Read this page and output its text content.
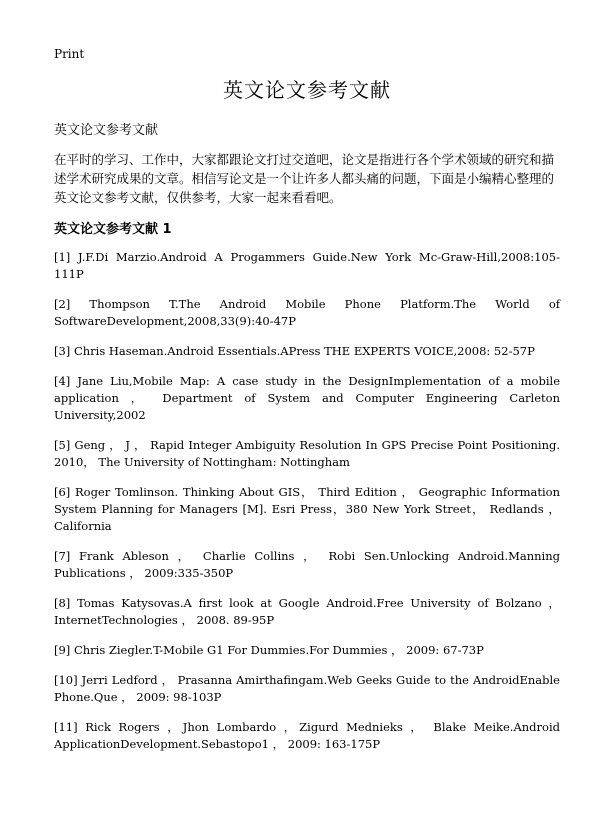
Print
英文论文参考文献
英文论文参考文献

在平时的学习、工作中，大家都跟论文打过交道吧，论文是指进行各个学术领域的研究和描述学术研究成果的文章。相信写论文是一个让许多人都头痛的问题，下面是小编精心整理的英文论文参考文献，仅供参考，大家一起来看看吧。

英文论文参考文献 1
[1] J.F.Di Marzio.Android A Progammers Guide.New York Mc-Graw-Hill,2008:105-111P
[2] Thompson T.The Android Mobile Phone Platform.The World of SoftwareDevelopment,2008,33(9):40-47P
[3] Chris Haseman.Android Essentials.APress THE EXPERTS VOICE,2008: 52-57P
[4] Jane Liu,Mobile Map: A case study in the DesignImplementation of a mobile application ， Department of System and Computer Engineering Carleton University,2002
[5] Geng ， J ， Rapid Integer Ambiguity Resolution In GPS Precise Point Positioning. 2010， The University of Nottingham: Nottingham
[6] Roger Tomlinson. Thinking About GIS， Third Edition ， Geographic Information System Planning for Managers [M]. Esri Press，380 New York Street， Redlands ， California
[7] Frank Ableson ， Charlie Collins ， Robi Sen.Unlocking Android.Manning Publications ， 2009:335-350P
[8] Tomas Katysovas.A first look at Google Android.Free University of Bolzano ， InternetTechnologies ， 2008. 89-95P
[9] Chris Ziegler.T-Mobile G1 For Dummies.For Dummies ， 2009: 67-73P
[10] Jerri Ledford ， Prasanna Amirthafingam.Web Geeks Guide to the AndroidEnable Phone.Que ， 2009: 98-103P
[11] Rick Rogers ，Jhon Lombardo ，Zigurd Mednieks ， Blake Meike.Android ApplicationDevelopment.Sebastopo1 ， 2009: 163-175P
